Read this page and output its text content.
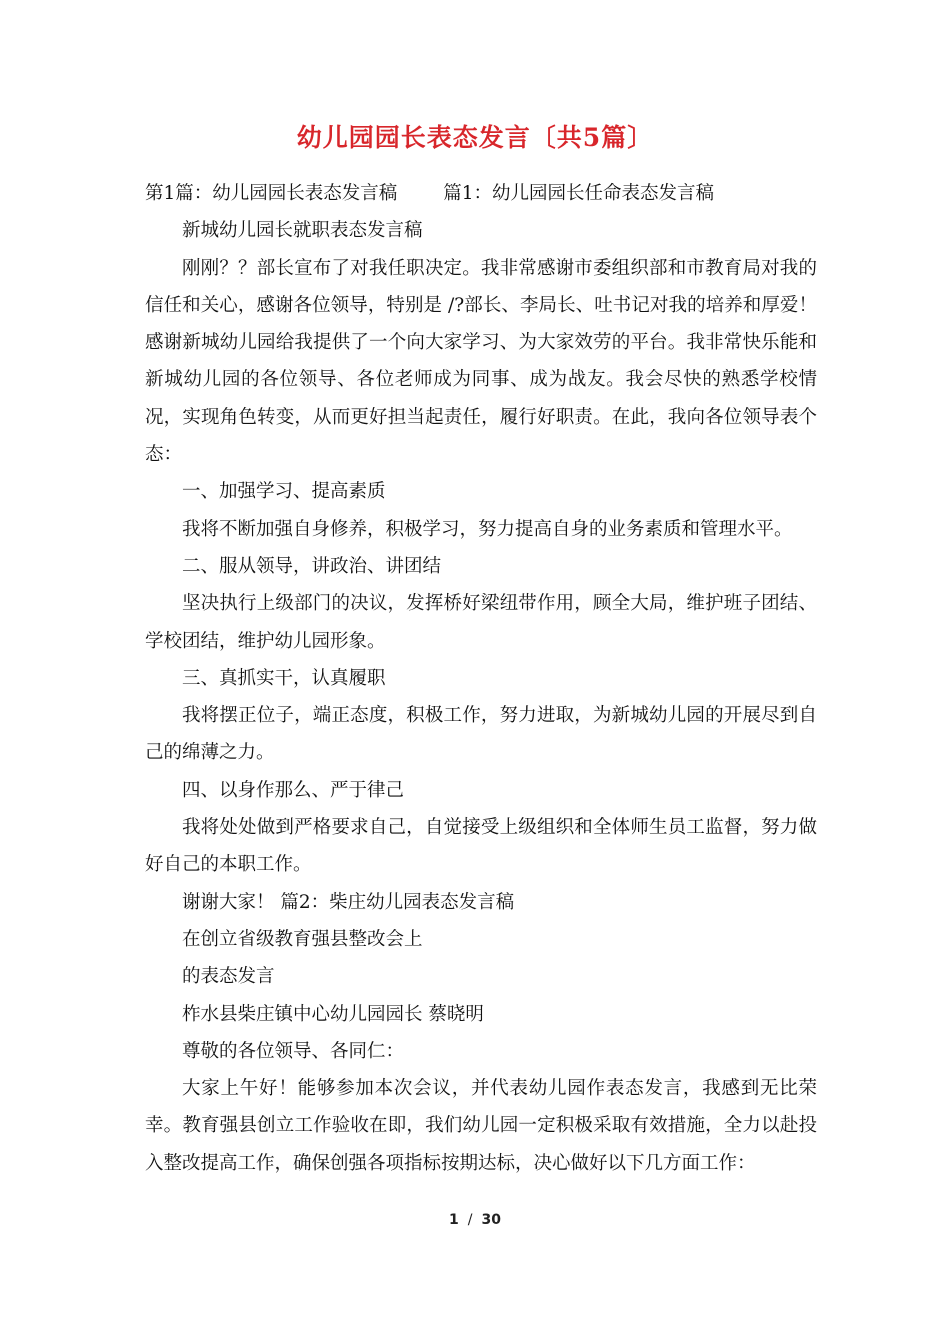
幼儿园园长表态发言〔共5篇〕

第1篇：幼儿园园长表态发言稿 篇1：幼儿园园长任命表态发言稿

新城幼儿园长就职表态发言稿

刚刚？？部长宣布了对我任职决定。我非常感谢市委组织部和市教育局对我的信任和关心，感谢各位领导，特别是 /?部长、李局长、吐书记对我的培养和厚爱！感谢新城幼儿园给我提供了一个向大家学习、为大家效劳的平台。我非常快乐能和新城幼儿园的各位领导、各位老师成为同事、成为战友。我会尽快的熟悉学校情况，实现角色转变，从而更好担当起责任，履行好职责。在此，我向各位领导表个态：

一、加强学习、提高素质

我将不断加强自身修养，积极学习，努力提高自身的业务素质和管理水平。

二、服从领导，讲政治、讲团结

坚决执行上级部门的决议，发挥桥好梁纽带作用，顾全大局，维护班子团结、学校团结，维护幼儿园形象。

三、真抓实干，认真履职

我将摆正位子，端正态度，积极工作，努力进取，为新城幼儿园的开展尽到自己的绵薄之力。

四、以身作那么、严于律己

我将处处做到严格要求自己，自觉接受上级组织和全体师生员工监督，努力做好自己的本职工作。

谢谢大家！ 篇2：柴庄幼儿园表态发言稿

在创立省级教育强县整改会上

的表态发言

柞水县柴庄镇中心幼儿园园长 蔡晓明

尊敬的各位领导、各同仁：

大家上午好！能够参加本次会议，并代表幼儿园作表态发言，我感到无比荣幸。教育强县创立工作验收在即，我们幼儿园一定积极采取有效措施，全力以赴投入整改提高工作，确保创强各项指标按期达标，决心做好以下几方面工作：

1 / 30
